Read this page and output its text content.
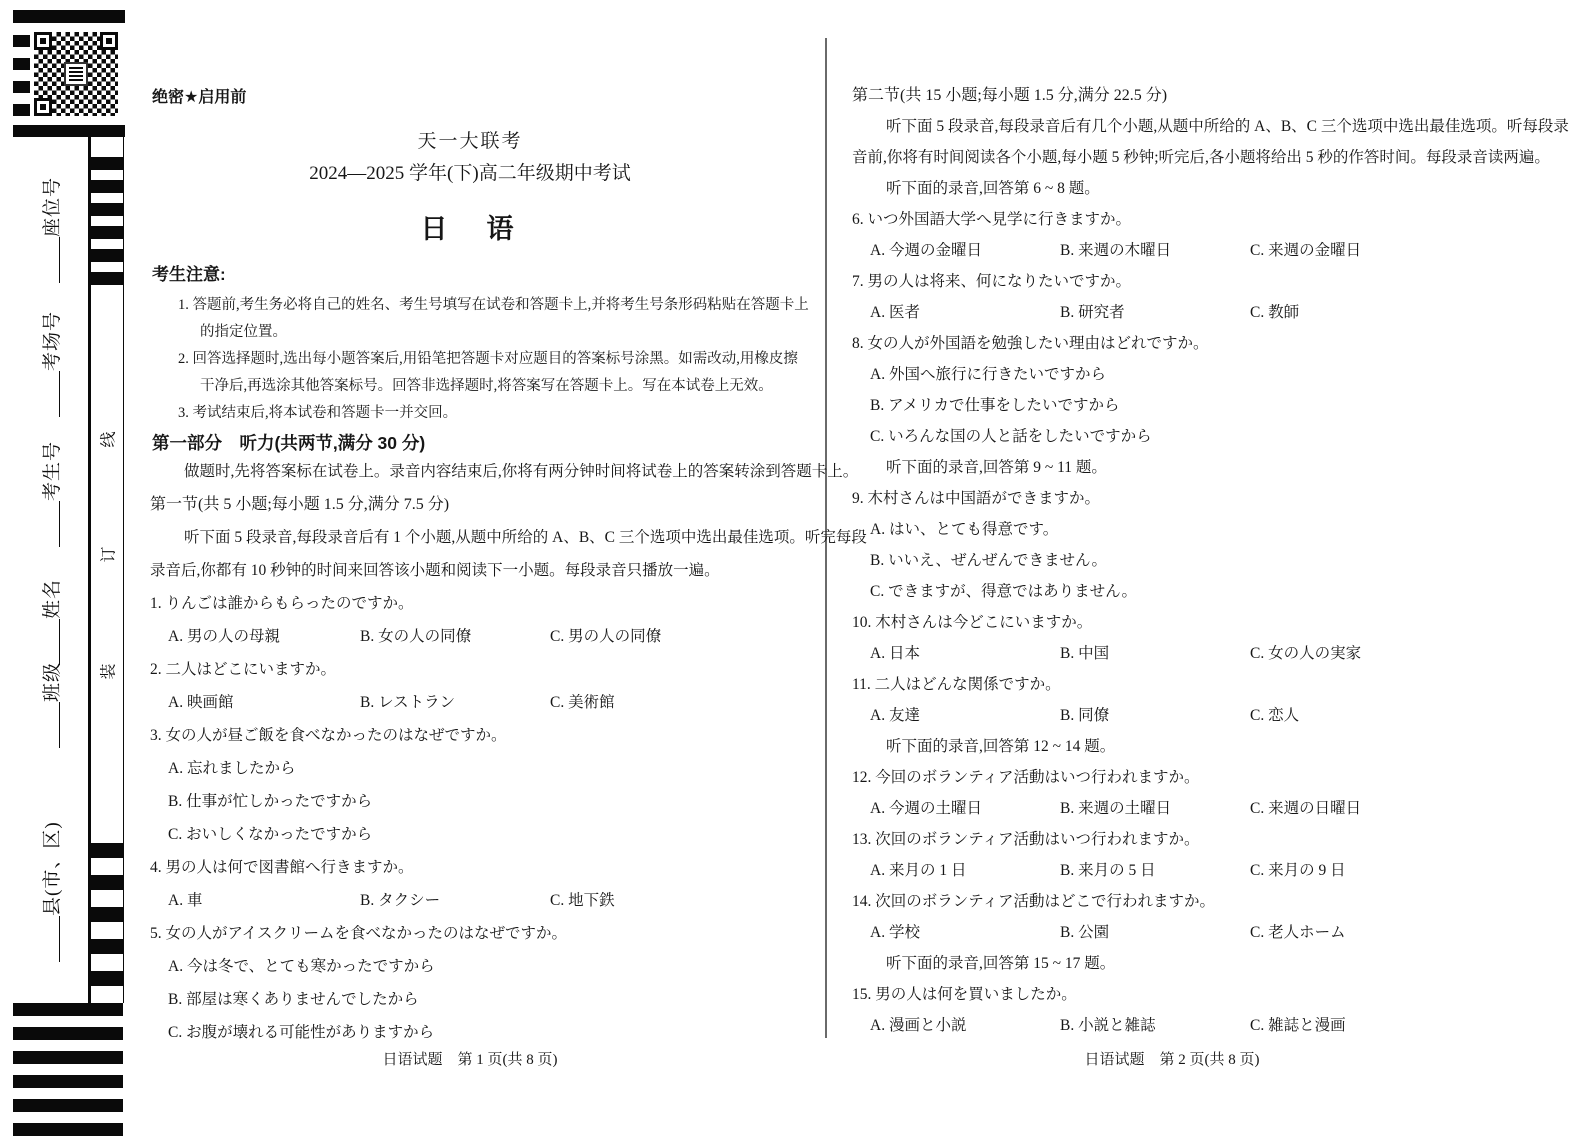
座位号
考场号
考生号
姓名
班级
县(市、区)
线
订
装
绝密★启用前
天一大联考
2024—2025 学年(下)高二年级期中考试
日　语
考生注意:
1. 答题前,考生务必将自己的姓名、考生号填写在试卷和答题卡上,并将考生号条形码粘贴在答题卡上
的指定位置。
2. 回答选择题时,选出每小题答案后,用铅笔把答题卡对应题目的答案标号涂黑。如需改动,用橡皮擦
干净后,再选涂其他答案标号。回答非选择题时,将答案写在答题卡上。写在本试卷上无效。
3. 考试结束后,将本试卷和答题卡一并交回。
第一部分　听力(共两节,满分 30 分)
做题时,先将答案标在试卷上。录音内容结束后,你将有两分钟时间将试卷上的答案转涂到答题卡上。
第一节(共 5 小题;每小题 1.5 分,满分 7.5 分)
听下面 5 段录音,每段录音后有 1 个小题,从题中所给的 A、B、C 三个选项中选出最佳选项。听完每段
录音后,你都有 10 秒钟的时间来回答该小题和阅读下一小题。每段录音只播放一遍。
1. りんごは誰からもらったのですか。
A. 男の人の母親	B. 女の人の同僚	C. 男の人の同僚
2. 二人はどこにいますか。
A. 映画館	B. レストラン	C. 美術館
3. 女の人が昼ご飯を食べなかったのはなぜですか。
A. 忘れましたから
B. 仕事が忙しかったですから
C. おいしくなかったですから
4. 男の人は何で図書館へ行きますか。
A. 車	B. タクシー	C. 地下鉄
5. 女の人がアイスクリームを食べなかったのはなぜですか。
A. 今は冬で、とても寒かったですから
B. 部屋は寒くありませんでしたから
C. お腹が壊れる可能性がありますから
日语试题　第 1 页(共 8 页)
第二节(共 15 小题;每小题 1.5 分,满分 22.5 分)
听下面 5 段录音,每段录音后有几个小题,从题中所给的 A、B、C 三个选项中选出最佳选项。听每段录
音前,你将有时间阅读各个小题,每小题 5 秒钟;听完后,各小题将给出 5 秒的作答时间。每段录音读两遍。
听下面的录音,回答第 6 ~ 8 题。
6. いつ外国語大学へ見学に行きますか。
A. 今週の金曜日	B. 来週の木曜日	C. 来週の金曜日
7. 男の人は将来、何になりたいですか。
A. 医者	B. 研究者	C. 教師
8. 女の人が外国語を勉強したい理由はどれですか。
A. 外国へ旅行に行きたいですから
B. アメリカで仕事をしたいですから
C. いろんな国の人と話をしたいですから
听下面的录音,回答第 9 ~ 11 题。
9. 木村さんは中国語ができますか。
A. はい、とても得意です。
B. いいえ、ぜんぜんできません。
C. できますが、得意ではありません。
10. 木村さんは今どこにいますか。
A. 日本	B. 中国	C. 女の人の実家
11. 二人はどんな関係ですか。
A. 友達	B. 同僚	C. 恋人
听下面的录音,回答第 12 ~ 14 题。
12. 今回のボランティア活動はいつ行われますか。
A. 今週の土曜日	B. 来週の土曜日	C. 来週の日曜日
13. 次回のボランティア活動はいつ行われますか。
A. 来月の 1 日	B. 来月の 5 日	C. 来月の 9 日
14. 次回のボランティア活動はどこで行われますか。
A. 学校	B. 公園	C. 老人ホーム
听下面的录音,回答第 15 ~ 17 题。
15. 男の人は何を買いましたか。
A. 漫画と小説	B. 小説と雑誌	C. 雑誌と漫画
日语试题　第 2 页(共 8 页)
